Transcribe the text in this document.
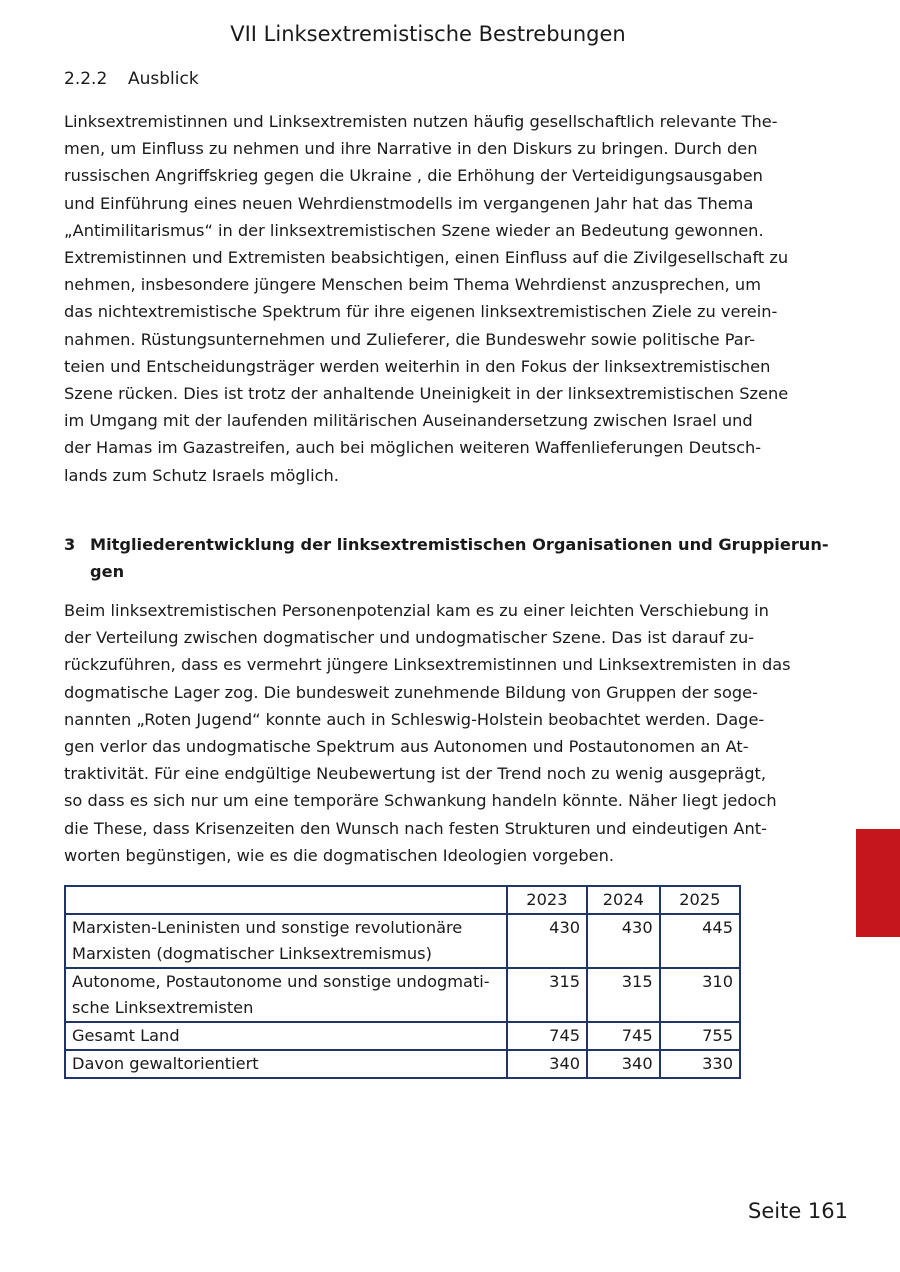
VII Linksextremistische Bestrebungen
2.2.2 Ausblick

Linksextremistinnen und Linksextremisten nutzen häufig gesellschaftlich relevante The-
men, um Einfluss zu nehmen und ihre Narrative in den Diskurs zu bringen. Durch den
russischen Angriffskrieg gegen die Ukraine , die Erhöhung der Verteidigungsausgaben
und Einführung eines neuen Wehrdienstmodells im vergangenen Jahr hat das Thema
„Antimilitarismus“ in der linksextremistischen Szene wieder an Bedeutung gewonnen.
Extremistinnen und Extremisten beabsichtigen, einen Einfluss auf die Zivilgesellschaft zu
nehmen, insbesondere jüngere Menschen beim Thema Wehrdienst anzusprechen, um
das nichtextremistische Spektrum für ihre eigenen linksextremistischen Ziele zu verein-
nahmen. Rüstungsunternehmen und Zulieferer, die Bundeswehr sowie politische Par-
teien und Entscheidungsträger werden weiterhin in den Fokus der linksextremistischen
Szene rücken. Dies ist trotz der anhaltende Uneinigkeit in der linksextremistischen Szene
im Umgang mit der laufenden militärischen Auseinandersetzung zwischen Israel und
der Hamas im Gazastreifen, auch bei möglichen weiteren Waffenlieferungen Deutsch-
lands zum Schutz Israels möglich.

3 Mitgliederentwicklung der linksextremistischen Organisationen und Gruppierun-
gen

Beim linksextremistischen Personenpotenzial kam es zu einer leichten Verschiebung in
der Verteilung zwischen dogmatischer und undogmatischer Szene. Das ist darauf zu-
rückzuführen, dass es vermehrt jüngere Linksextremistinnen und Linksextremisten in das
dogmatische Lager zog. Die bundesweit zunehmende Bildung von Gruppen der soge-
nannten „Roten Jugend“ konnte auch in Schleswig-Holstein beobachtet werden. Dage-
gen verlor das undogmatische Spektrum aus Autonomen und Postautonomen an At-
traktivität. Für eine endgültige Neubewertung ist der Trend noch zu wenig ausgeprägt,
so dass es sich nur um eine temporäre Schwankung handeln könnte. Näher liegt jedoch
die These, dass Krisenzeiten den Wunsch nach festen Strukturen und eindeutigen Ant-
worten begünstigen, wie es die dogmatischen Ideologien vorgeben.

	2023	2024	2025

Marxisten-Leninisten und sonstige revolutionäre
Marxisten (dogmatischer Linksextremismus)	430	430	445

Autonome, Postautonome und sonstige undogmati-
sche Linksextremisten	315	315	310
Gesamt Land	745	745	755
Davon gewaltorientiert	340	340	330
Seite 161
